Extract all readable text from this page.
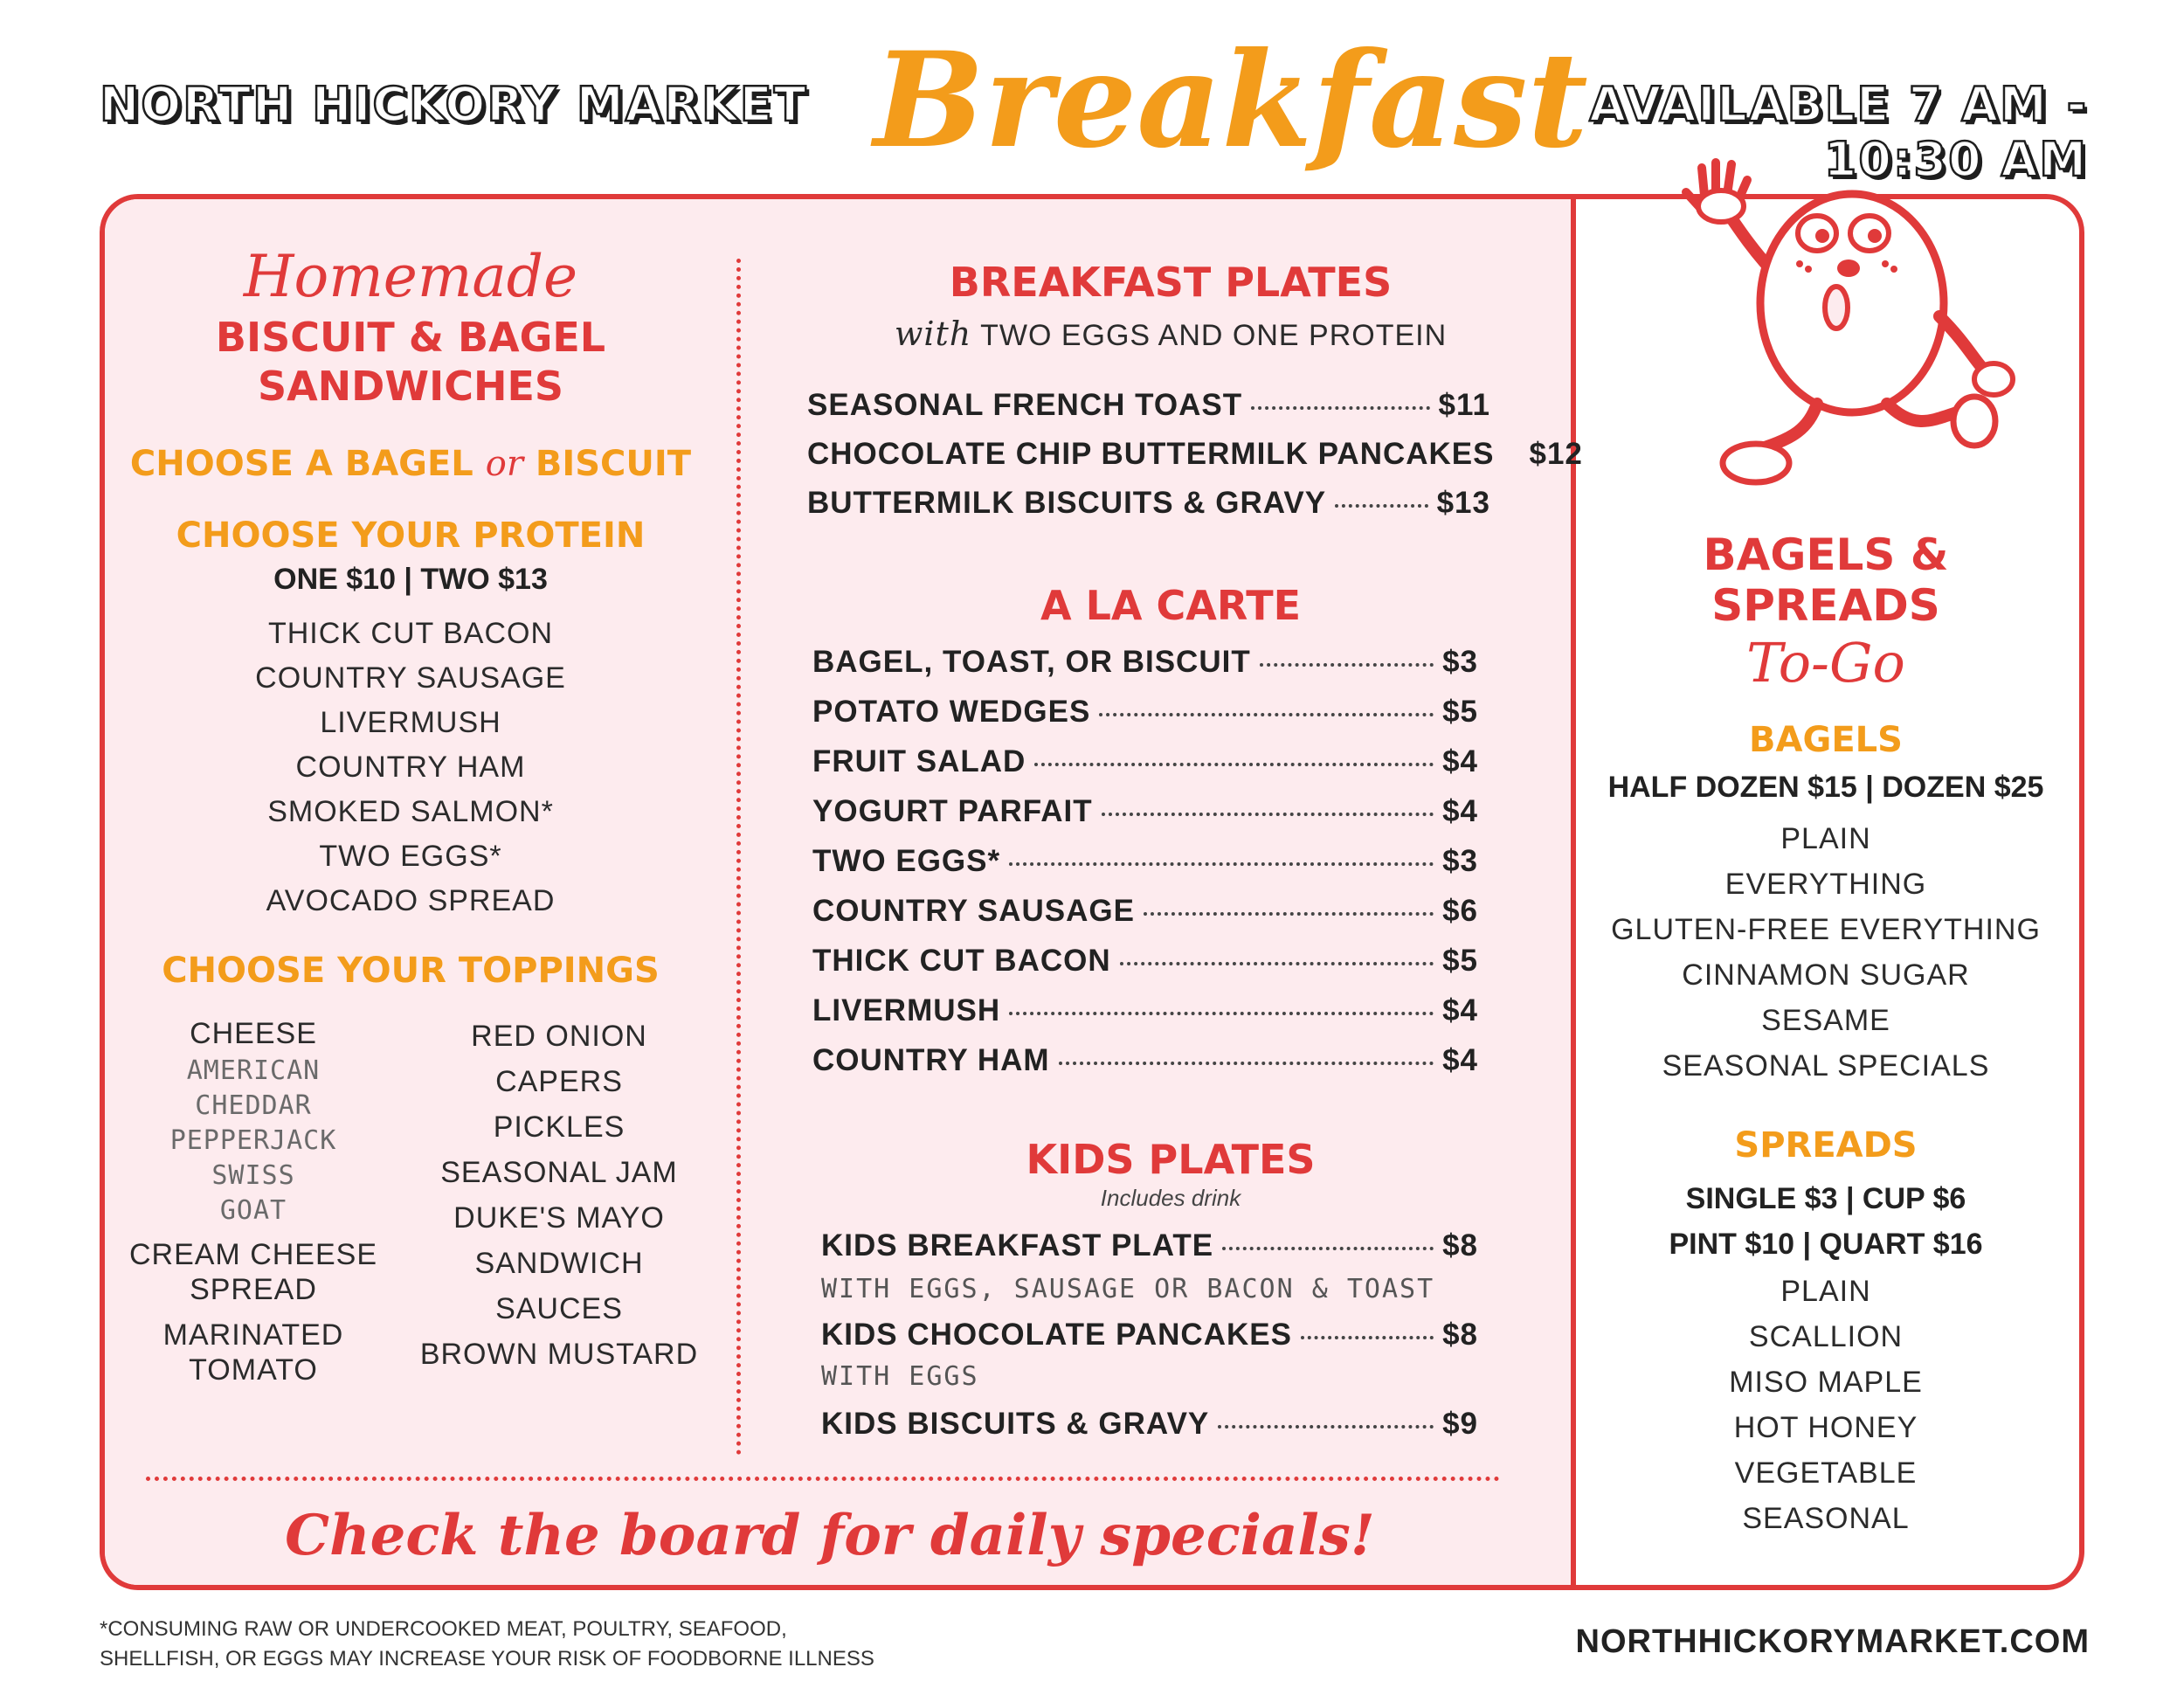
NORTH HICKORY MARKET Breakfast AVAILABLE 7 AM - 10:30 AM
Homemade
BISCUIT & BAGEL
SANDWICHES
CHOOSE A BAGEL or BISCUIT
CHOOSE YOUR PROTEIN
ONE $10 | TWO $13
THICK CUT BACON
COUNTRY SAUSAGE
LIVERMUSH
COUNTRY HAM
SMOKED SALMON*
TWO EGGS*
AVOCADO SPREAD
CHOOSE YOUR TOPPINGS
CHEESE
AMERICAN
CHEDDAR
PEPPERJACK
SWISS
GOAT
CREAM CHEESE
SPREAD
MARINATED
TOMATO
RED ONION
CAPERS
PICKLES
SEASONAL JAM
DUKE'S MAYO
SANDWICH SAUCES
BROWN MUSTARD
BREAKFAST PLATES
with TWO EGGS AND ONE PROTEIN
SEASONAL FRENCH TOAST	$11
CHOCOLATE CHIP BUTTERMILK PANCAKES $12
BUTTERMILK BISCUITS & GRAVY	$13
A LA CARTE
BAGEL, TOAST, OR BISCUIT	$3
POTATO WEDGES	$5
FRUIT SALAD	$4
YOGURT PARFAIT	$4
TWO EGGS*	$3
COUNTRY SAUSAGE	$6
THICK CUT BACON	$5
LIVERMUSH	$4
COUNTRY HAM	$4
KIDS PLATES
Includes drink
KIDS BREAKFAST PLATE	$8
WITH EGGS, SAUSAGE OR BACON & TOAST
KIDS CHOCOLATE PANCAKES	$8
WITH EGGS
KIDS BISCUITS & GRAVY	$9
Check the board for daily specials!
BAGELS &
SPREADS
To-Go
BAGELS
HALF DOZEN $15 | DOZEN $25
PLAIN
EVERYTHING
GLUTEN-FREE EVERYTHING
CINNAMON SUGAR
SESAME
SEASONAL SPECIALS
SPREADS
SINGLE $3 | CUP $6
PINT $10 | QUART $16
PLAIN
SCALLION
MISO MAPLE
HOT HONEY
VEGETABLE
SEASONAL
*CONSUMING RAW OR UNDERCOOKED MEAT, POULTRY, SEAFOOD,
SHELLFISH, OR EGGS MAY INCREASE YOUR RISK OF FOODBORNE ILLNESS	NORTHHICKORYMARKET.COM
